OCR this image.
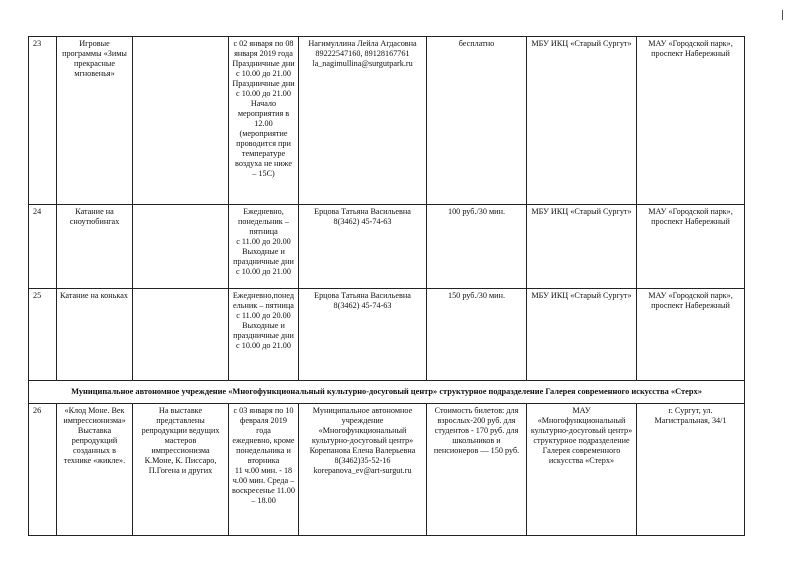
23	Игровые программы «Зимы прекрасные мгновенья»		с 02 января по 08 января 2019 года
Праздничные дни с 10.00 до 21.00
Праздничные дни с 10.00 до 21.00
Начало мероприятия в 12.00
(мероприятие проводится при температуре воздуха не ниже – 15С)	Нагимуллина Лейла Агдасовна
89222547160, 89128167761
la_nagimullina@surgutpark.ru	бесплатно	МБУ ИКЦ «Старый Сургут»	МАУ «Городской парк», проспект Набережный
24	Катание на сноутюбингах		Ежедневно, понедельник – пятница
с 11.00 до 20.00
Выходные и праздничные дни с 10.00 до 21.00	Ерцова Татьяна Васильевна
8(3462) 45-74-63	100 руб./30 мин.	МБУ ИКЦ «Старый Сургут»	МАУ «Городской парк», проспект Набережный
25	Катание на коньках		Ежедневно,понедельник – пятница
с 11.00 до 20.00
Выходные и праздничные дни с 10.00 до 21.00	Ерцова Татьяна Васильевна
8(3462) 45-74-63	150 руб./30 мин.	МБУ ИКЦ «Старый Сургут»	МАУ «Городской парк», проспект Набережный
Муниципальное автономное учреждение «Многофункциональный культурно-досуговый центр» структурное подразделение Галерея современного искусства «Стерх»							
26	«Клод Моне. Век импрессионизма» Выставка репродукций созданных в технике «жикле».	На выставке представлены репродукции ведущих мастеров импрессионизма К.Моне, К. Писсаро, П.Гогена и других	с 03 января по 10 февраля 2019 года
ежедневно, кроме понедельника и вторника
11 ч.00 мин. - 18 ч.00 мин. Среда – воскресенье 11.00 – 18.00	Муниципальное автономное учреждение «Многофункциональный культурно-досуговый центр»
Корепанова Елена Валерьевна
8(3462)35-52-16
korepanova_ev@art-surgut.ru	Стоимость билетов: для взрослых-200 руб. для студентов - 170 руб. для школьников и пенсионеров — 150 руб.	МАУ «Многофункциональный культурно-досуговый центр» структурное подразделение Галерея современного искусства «Стерх»	г. Сургут, ул. Магистральная, 34/1
